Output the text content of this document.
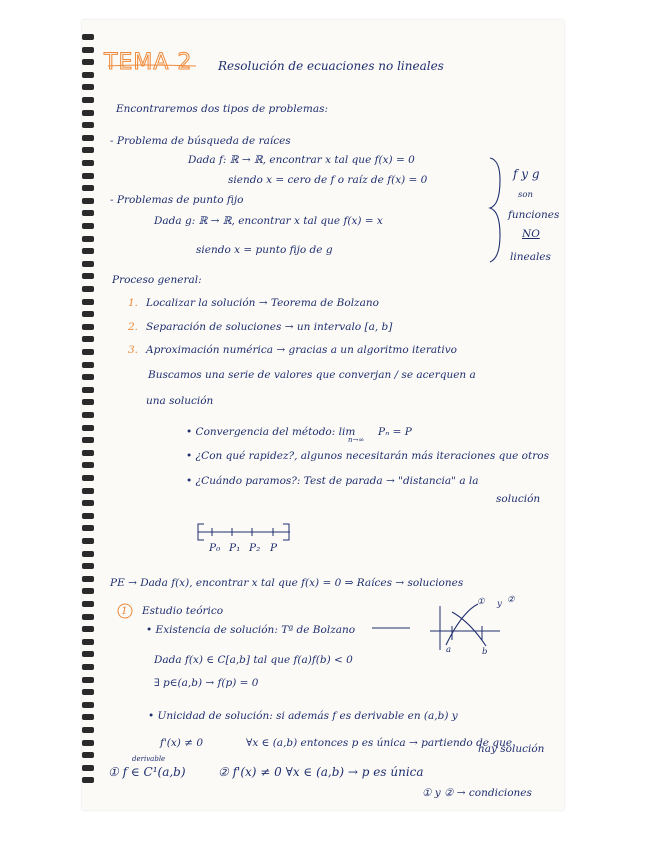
TEMA 2 Resolución de ecuaciones no lineales
Encontraremos dos tipos de problemas:
- Problema de búsqueda de raíces
Dada f: ℝ → ℝ, encontrar x tal que f(x) = 0
siendo x = cero de f o raíz de f(x) = 0
- Problemas de punto fijo
Dada g: ℝ → ℝ, encontrar x tal que f(x) = x
siendo x = punto fijo de g
f y g
son
funciones
NO
lineales
Proceso general:
1. Localizar la solución → Teorema de Bolzano
2. Separación de soluciones → un intervalo [a, b]
3. Aproximación numérica → gracias a un algoritmo iterativo
Buscamos una serie de valores que converjan / se acerquen a
una solución
• Convergencia del método: lim
n→∞
Pₙ = P
• ¿Con qué rapidez?, algunos necesitarán más iteraciones que otros
• ¿Cuándo paramos?: Test de parada → "distancia" a la
solución
P₀ P₁ P₂ P
PE → Dada f(x), encontrar x tal que f(x) = 0 ⇒ Raíces → soluciones
1 Estudio teórico
• Existencia de solución: Tª de Bolzano
Dada f(x) ∈ C[a,b] tal que f(a)f(b) < 0
∃ p∈(a,b) → f(p) = 0
• Unicidad de solución: si además f es derivable en (a,b) y
f'(x) ≠ 0	∀x ∈ (a,b) entonces p es única → partiendo de que
hay solución
derivable
① f ∈ C¹(a,b)	② f'(x) ≠ 0 ∀x ∈ (a,b) → p es única
① y ② → condiciones
a	b
① y ②
